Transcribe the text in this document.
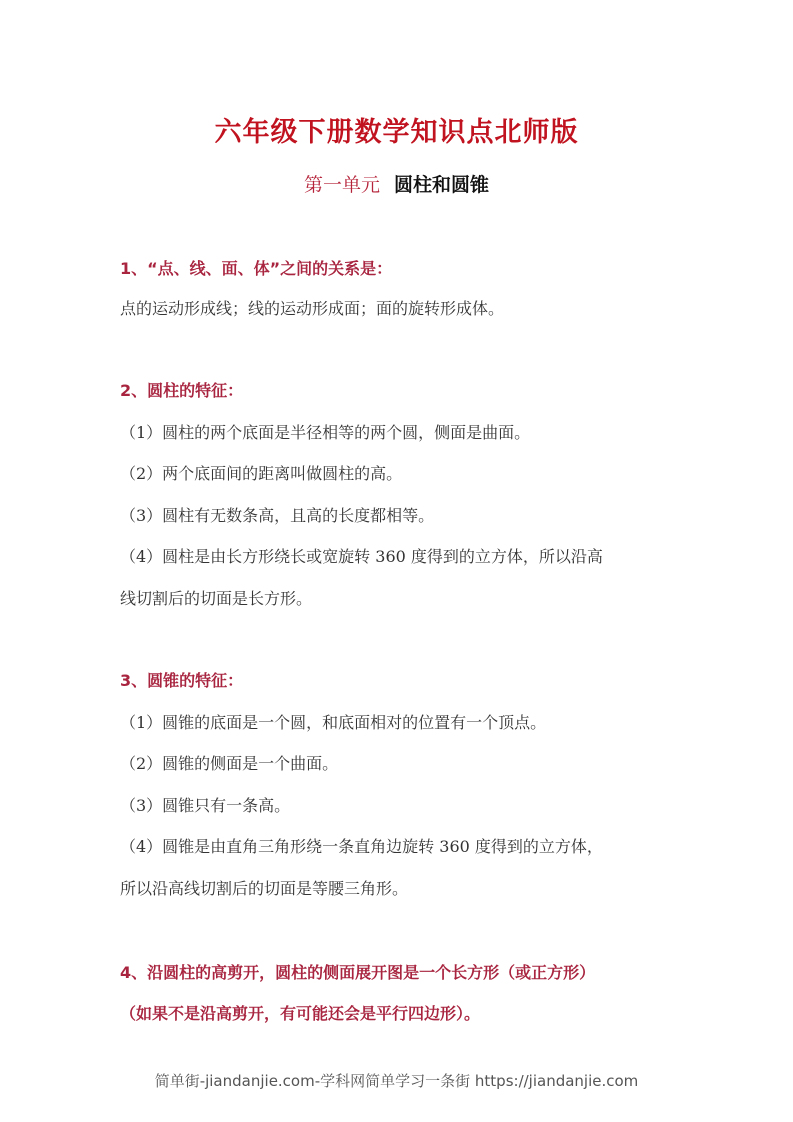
六年级下册数学知识点北师版
第一单元 圆柱和圆锥
1、“点、线、面、体”之间的关系是：
点的运动形成线；线的运动形成面；面的旋转形成体。
2、圆柱的特征：
（1）圆柱的两个底面是半径相等的两个圆，侧面是曲面。
（2）两个底面间的距离叫做圆柱的高。
（3）圆柱有无数条高，且高的长度都相等。
（4）圆柱是由长方形绕长或宽旋转 360 度得到的立方体，所以沿高
线切割后的切面是长方形。
3、圆锥的特征：
（1）圆锥的底面是一个圆，和底面相对的位置有一个顶点。
（2）圆锥的侧面是一个曲面。
（3）圆锥只有一条高。
（4）圆锥是由直角三角形绕一条直角边旋转 360 度得到的立方体，
所以沿高线切割后的切面是等腰三角形。
4、沿圆柱的高剪开，圆柱的侧面展开图是一个长方形（或正方形）
（如果不是沿高剪开，有可能还会是平行四边形）。
简单街-jiandanjie.com-学科网简单学习一条街 https://jiandanjie.com
